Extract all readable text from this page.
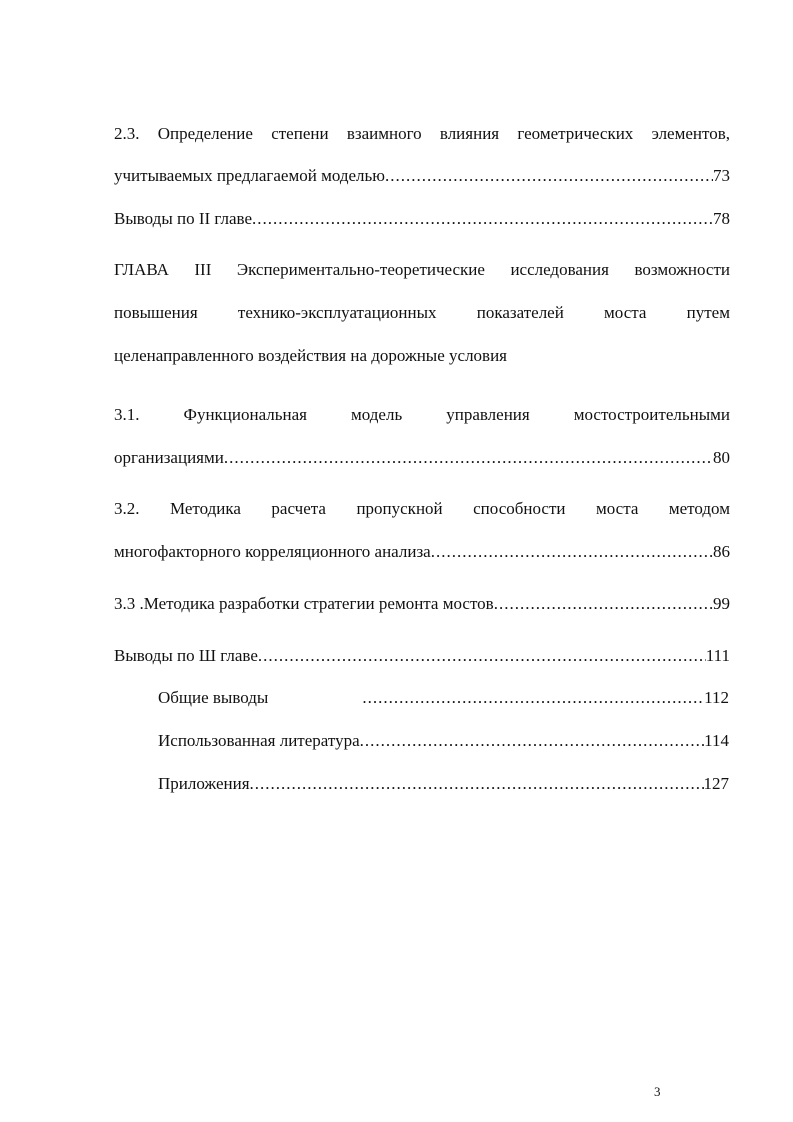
2.3. Определение степени взаимного влияния геометрических элементов,
учитываемых предлагаемой моделью .....	73
Выводы по II главе .....	78
ГЛАВА III Экспериментально-теоретические исследования возможности
повышения технико-эксплуатационных показателей моста путем
целенаправленного воздействия на дорожные условия
3.1.	Функциональная	модель	управления	мостостроительными
организациями .....	80
3.2. Методика расчета пропускной способности моста методом
многофакторного корреляционного анализа .....	86
3.3 .Методика разработки стратегии ремонта мостов .....	99
Выводы по Ш главе .....	111
Общие выводы .....	112
Использованная литература .....	114
Приложения .....	127
3
